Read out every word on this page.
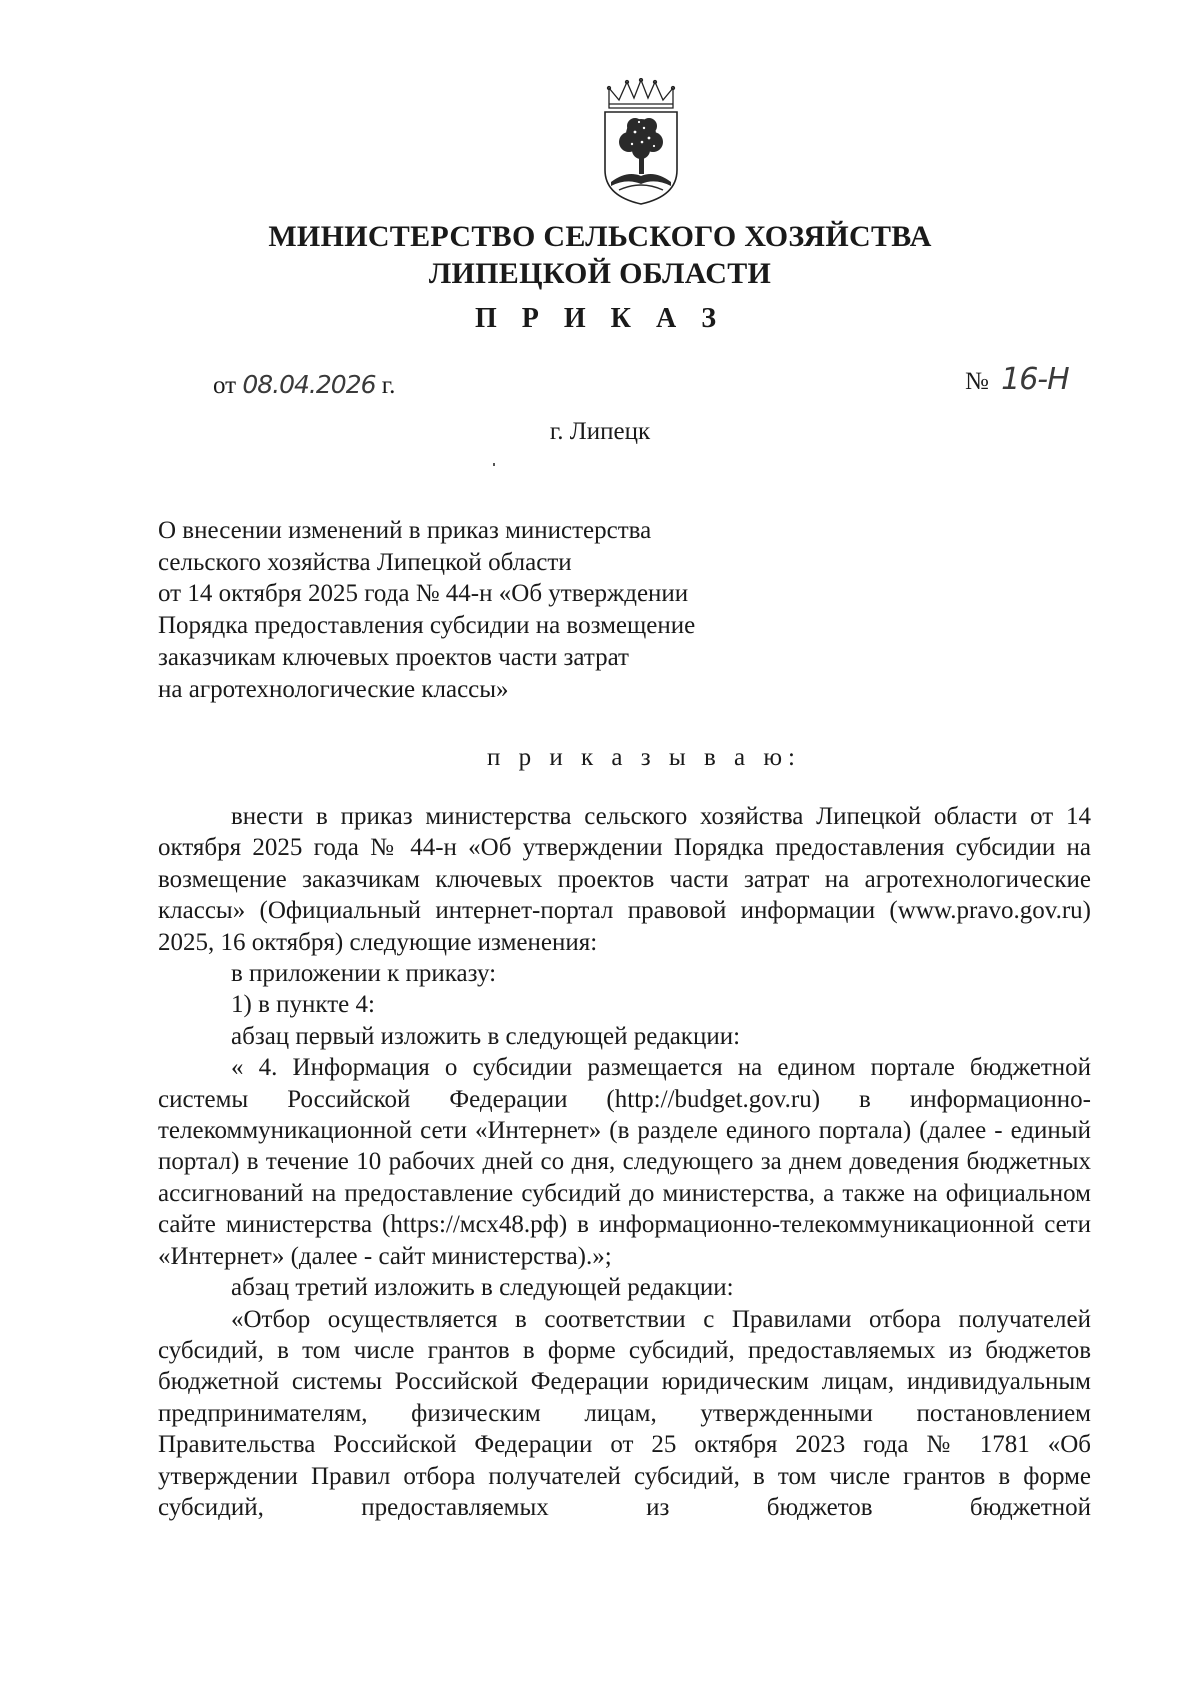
МИНИСТЕРСТВО СЕЛЬСКОГО ХОЗЯЙСТВА
ЛИПЕЦКОЙ ОБЛАСТИ
П Р И К А З
от 08.04.2026 г.	№ 16-Н
г. Липецк
О внесении изменений в приказ министерства
сельского хозяйства Липецкой области
от 14 октября 2025 года № 44-н «Об утверждении
Порядка предоставления субсидии на возмещение
заказчикам ключевых проектов части затрат
на агротехнологические классы»
п р и к а з ы в а ю:

внести в приказ министерства сельского хозяйства Липецкой области от 14 октября 2025 года № 44-н «Об утверждении Порядка предоставления субсидии на возмещение заказчикам ключевых проектов части затрат на агротехнологические классы» (Официальный интернет-портал правовой информации (www.pravo.gov.ru) 2025, 16 октября) следующие изменения:

в приложении к приказу:

1) в пункте 4:

абзац первый изложить в следующей редакции:

« 4. Информация о субсидии размещается на едином портале бюджетной системы Российской Федерации (http://budget.gov.ru) в информационно-телекоммуникационной сети «Интернет» (в разделе единого портала) (далее - единый портал) в течение 10 рабочих дней со дня, следующего за днем доведения бюджетных ассигнований на предоставление субсидий до министерства, а также на официальном сайте министерства (https://мсх48.рф) в информационно-телекоммуникационной сети «Интернет» (далее - сайт министерства).»;

абзац третий изложить в следующей редакции:

«Отбор осуществляется в соответствии с Правилами отбора получателей субсидий, в том числе грантов в форме субсидий, предоставляемых из бюджетов бюджетной системы Российской Федерации юридическим лицам, индивидуальным предпринимателям, физическим лицам, утвержденными постановлением Правительства Российской Федерации от 25 октября 2023 года № 1781 «Об утверждении Правил отбора получателей субсидий, в том числе грантов в форме субсидий, предоставляемых из бюджетов бюджетной
